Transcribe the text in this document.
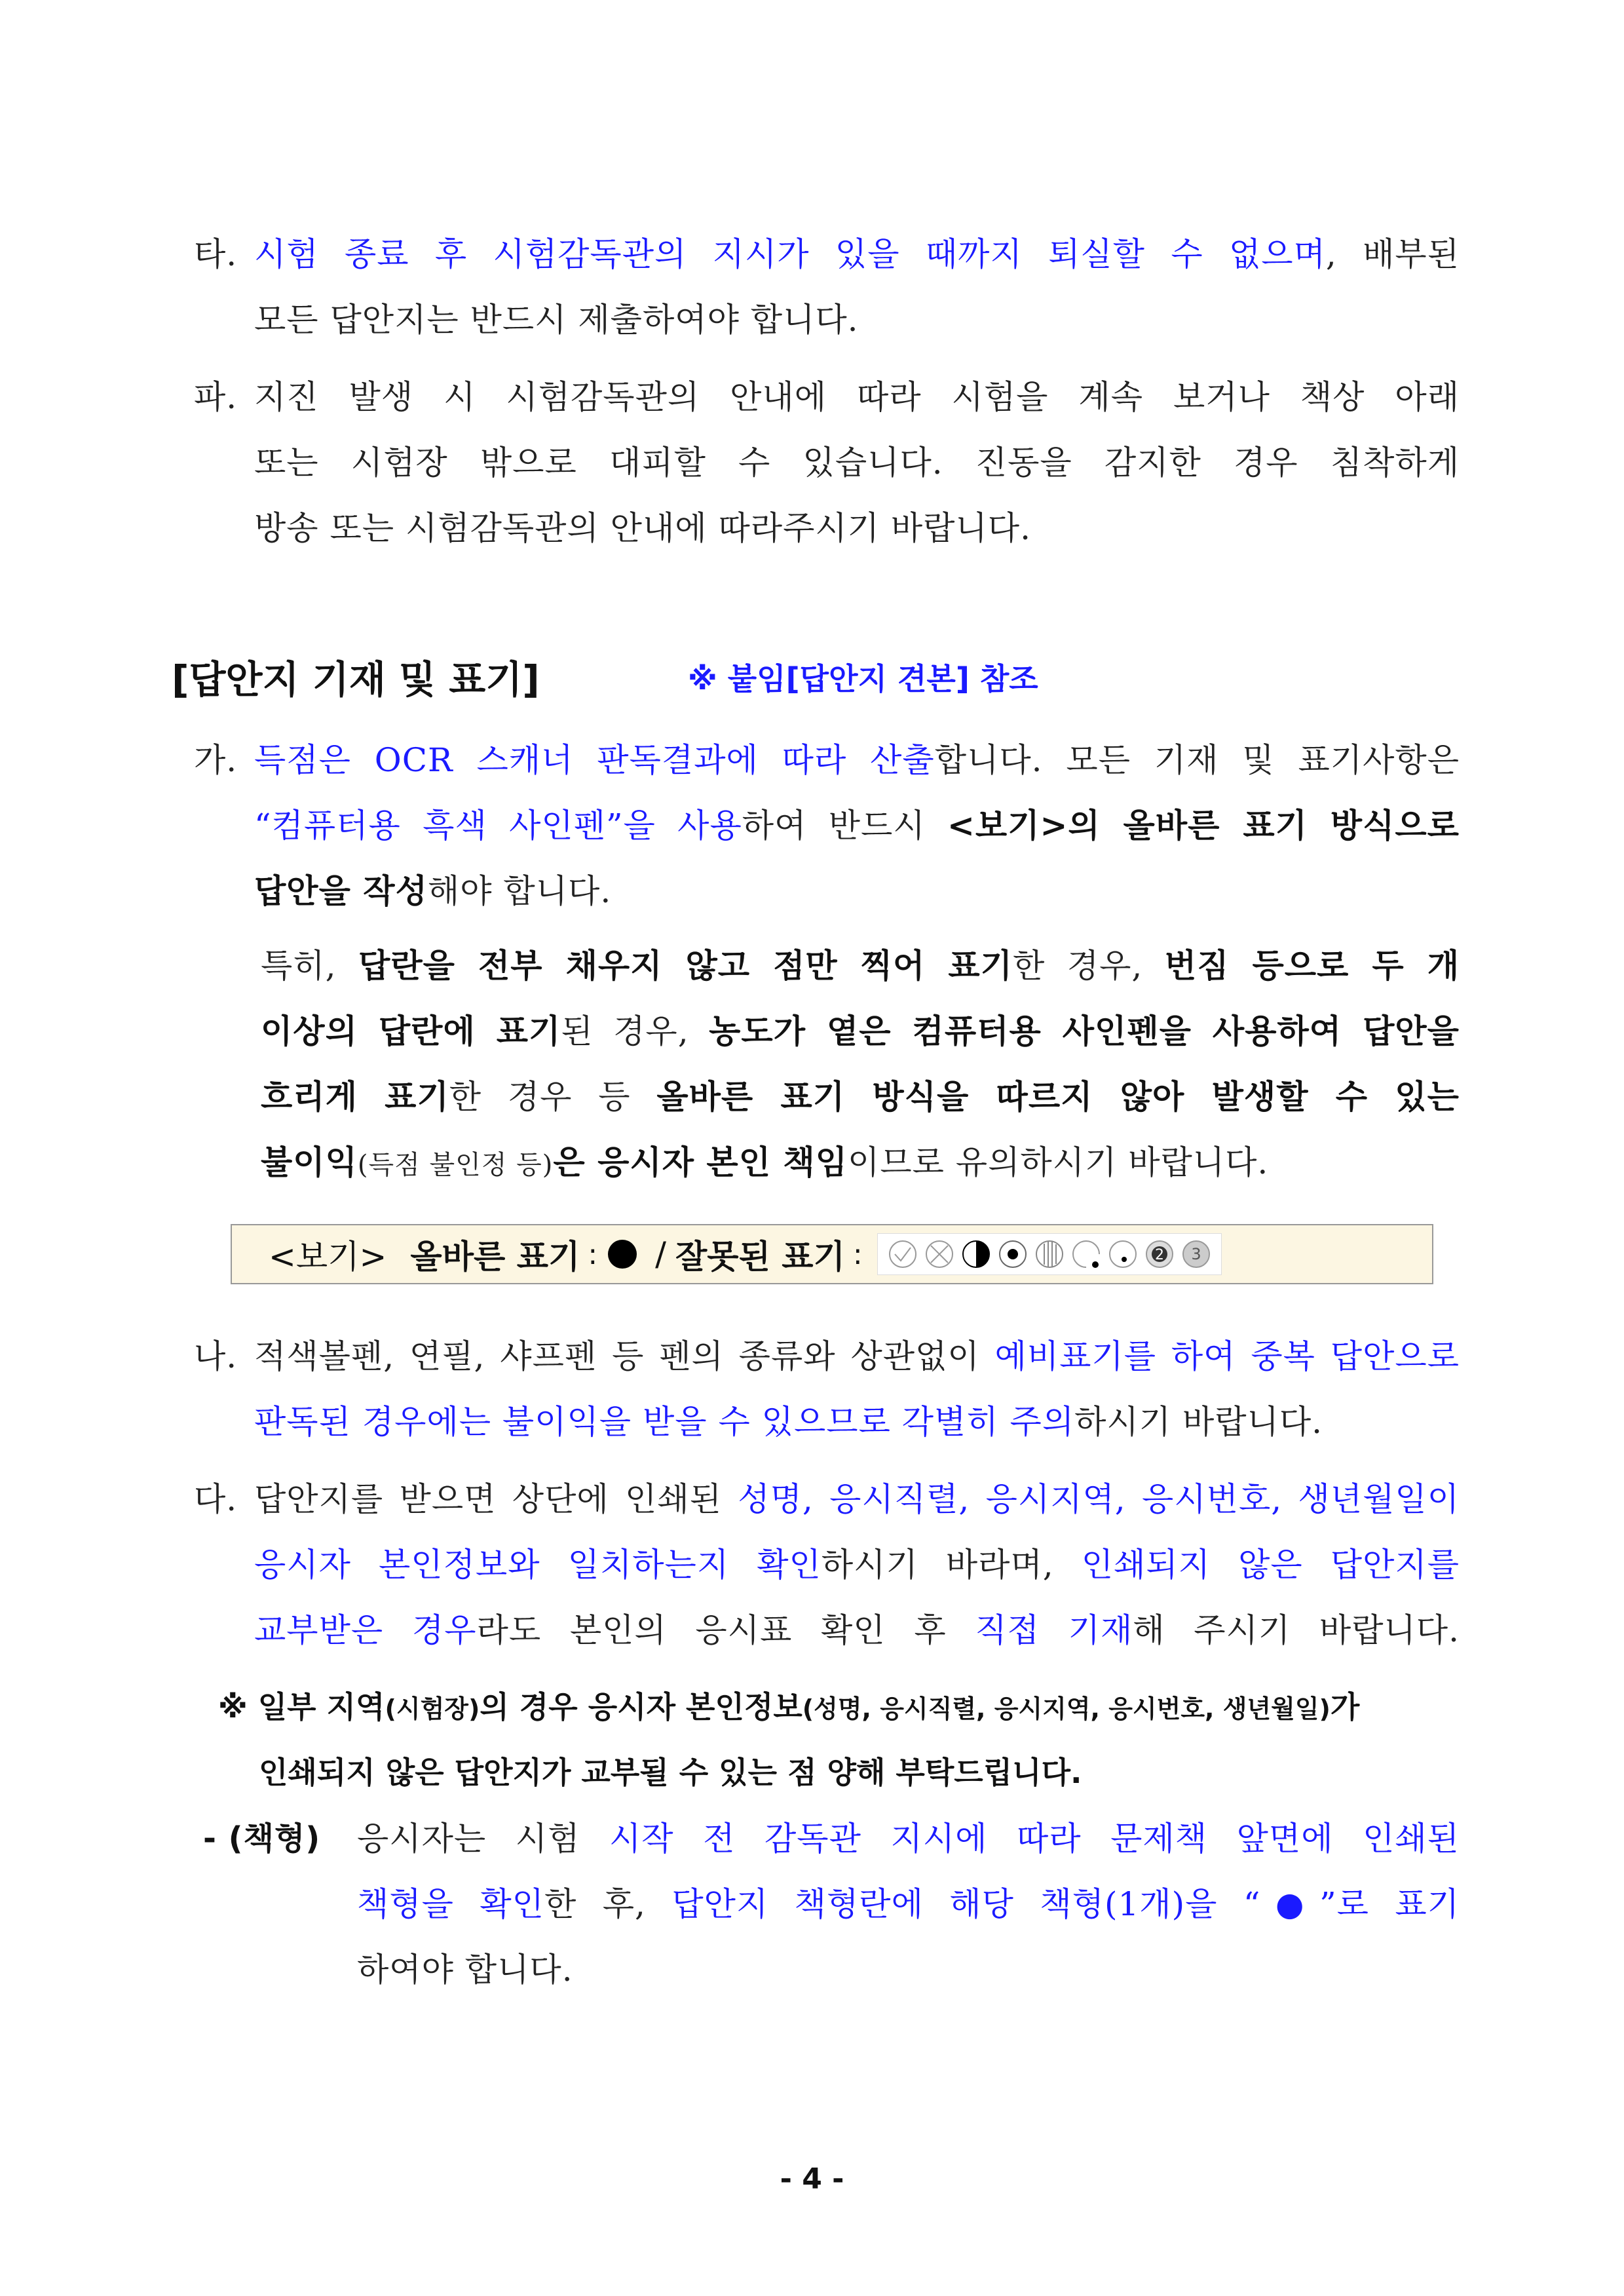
타. 시험 종료 후 시험감독관의 지시가 있을 때까지 퇴실할 수 없으며, 배부된
모든 답안지는 반드시 제출하여야 합니다.
파. 지진 발생 시 시험감독관의 안내에 따라 시험을 계속 보거나 책상 아래
또는 시험장 밖으로 대피할 수 있습니다. 진동을 감지한 경우 침착하게
방송 또는 시험감독관의 안내에 따라주시기 바랍니다.
[답안지 기재 및 표기]	※ 붙임[답안지 견본] 참조
가. 득점은 OCR 스캐너 판독결과에 따라 산출합니다. 모든 기재 및 표기사항은
“컴퓨터용 흑색 사인펜”을 사용하여 반드시 <보기>의 올바른 표기 방식으로
답안을 작성해야 합니다.
특히, 답란을 전부 채우지 않고 점만 찍어 표기한 경우, 번짐 등으로 두 개
이상의 답란에 표기된 경우, 농도가 옅은 컴퓨터용 사인펜을 사용하여 답안을
흐리게 표기한 경우 등 올바른 표기 방식을 따르지 않아 발생할 수 있는
불이익(득점 불인정 등)은 응시자 본인 책임이므로 유의하시기 바랍니다.
<보기> 올바른 표기 : / 잘못된 표기 :	2 3
나. 적색볼펜, 연필, 샤프펜 등 펜의 종류와 상관없이 예비표기를 하여 중복 답안으로
판독된 경우에는 불이익을 받을 수 있으므로 각별히 주의하시기 바랍니다.
다. 답안지를 받으면 상단에 인쇄된 성명, 응시직렬, 응시지역, 응시번호, 생년월일이
응시자 본인정보와 일치하는지 확인하시기 바라며, 인쇄되지 않은 답안지를
교부받은 경우라도 본인의 응시표 확인 후 직접 기재해 주시기 바랍니다.
※ 일부 지역(시험장)의 경우 응시자 본인정보(성명, 응시직렬, 응시지역, 응시번호, 생년월일)가
인쇄되지 않은 답안지가 교부될 수 있는 점 양해 부탁드립니다.
- (책형) 응시자는 시험 시작 전 감독관 지시에 따라 문제책 앞면에 인쇄된
책형을 확인한 후, 답안지 책형란에 해당 책형(1개)을 “●”로 표기
하여야 합니다.
- 4 -
